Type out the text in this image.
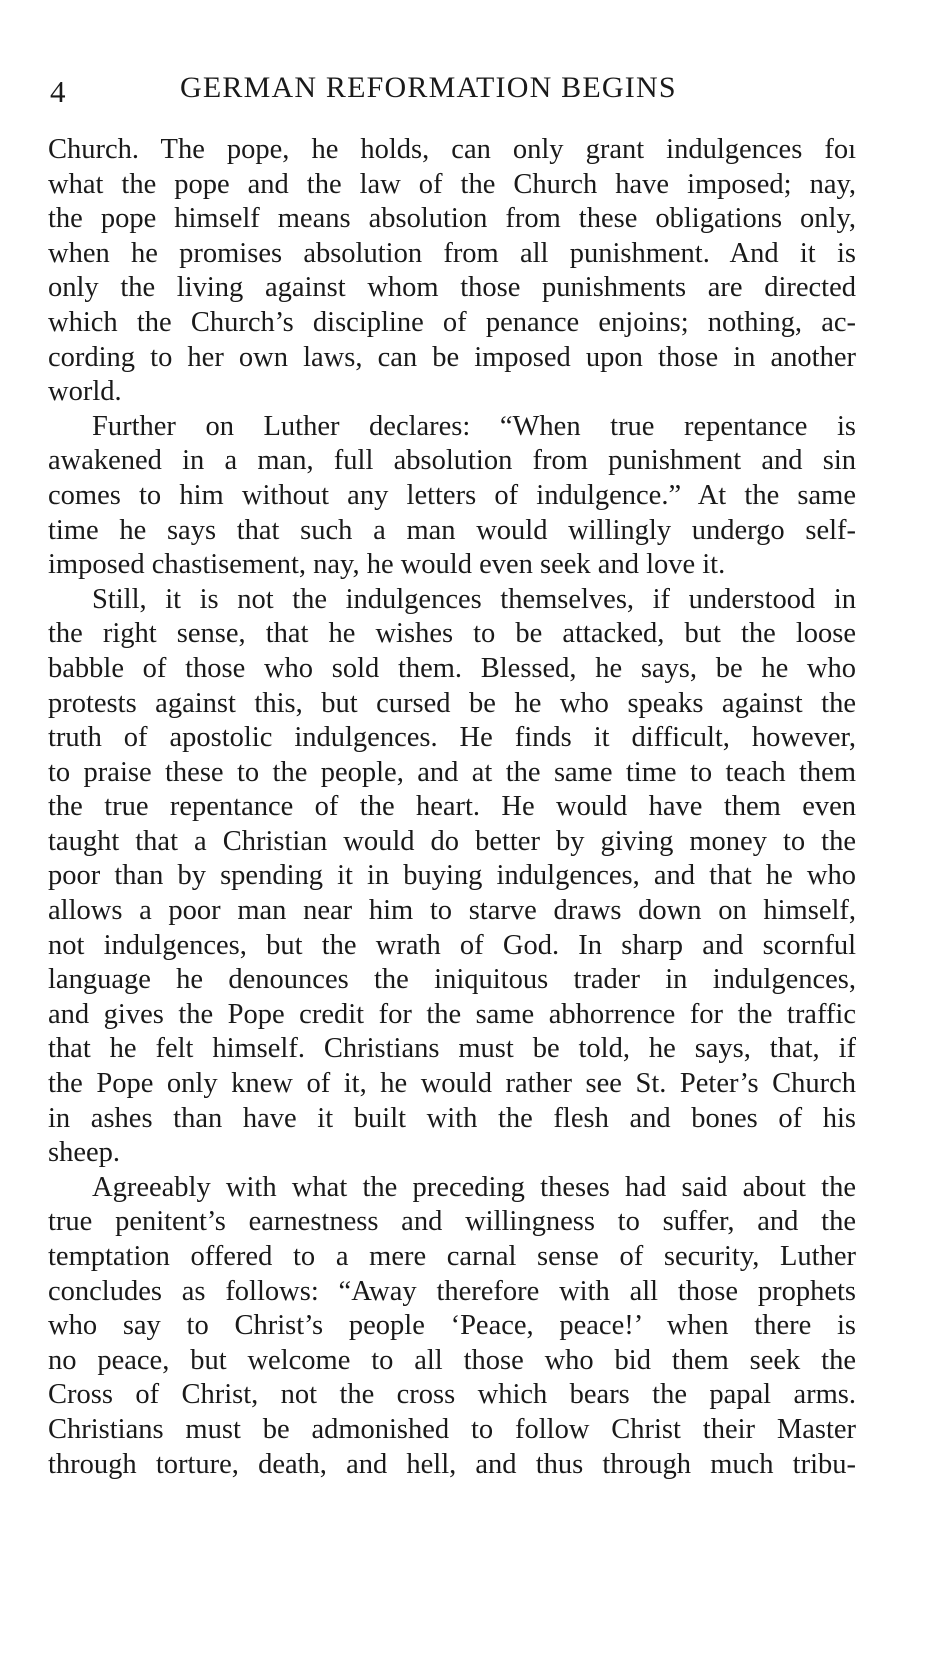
4	GERMAN REFORMATION BEGINS
Church. The pope, he holds, can only grant indulgences foı
what the pope and the law of the Church have imposed; nay,
the pope himself means absolution from these obligations only,
when he promises absolution from all punishment. And it is
only the living against whom those punishments are directed
which the Church’s discipline of penance enjoins; nothing, ac-
cording to her own laws, can be imposed upon those in another
world.
Further on Luther declares: “When true repentance is
awakened in a man, full absolution from punishment and sin
comes to him without any letters of indulgence.” At the same
time he says that such a man would willingly undergo self-
imposed chastisement, nay, he would even seek and love it.
Still, it is not the indulgences themselves, if understood in
the right sense, that he wishes to be attacked, but the loose
babble of those who sold them. Blessed, he says, be he who
protests against this, but cursed be he who speaks against the
truth of apostolic indulgences. He finds it difficult, however,
to praise these to the people, and at the same time to teach them
the true repentance of the heart. He would have them even
taught that a Christian would do better by giving money to the
poor than by spending it in buying indulgences, and that he who
allows a poor man near him to starve draws down on himself,
not indulgences, but the wrath of God. In sharp and scornful
language he denounces the iniquitous trader in indulgences,
and gives the Pope credit for the same abhorrence for the traffic
that he felt himself. Christians must be told, he says, that, if
the Pope only knew of it, he would rather see St. Peter’s Church
in ashes than have it built with the flesh and bones of his
sheep.
Agreeably with what the preceding theses had said about the
true penitent’s earnestness and willingness to suffer, and the
temptation offered to a mere carnal sense of security, Luther
concludes as follows: “Away therefore with all those prophets
who say to Christ’s people ‘Peace, peace!’ when there is
no peace, but welcome to all those who bid them seek the
Cross of Christ, not the cross which bears the papal arms.
Christians must be admonished to follow Christ their Master
through torture, death, and hell, and thus through much tribu-
